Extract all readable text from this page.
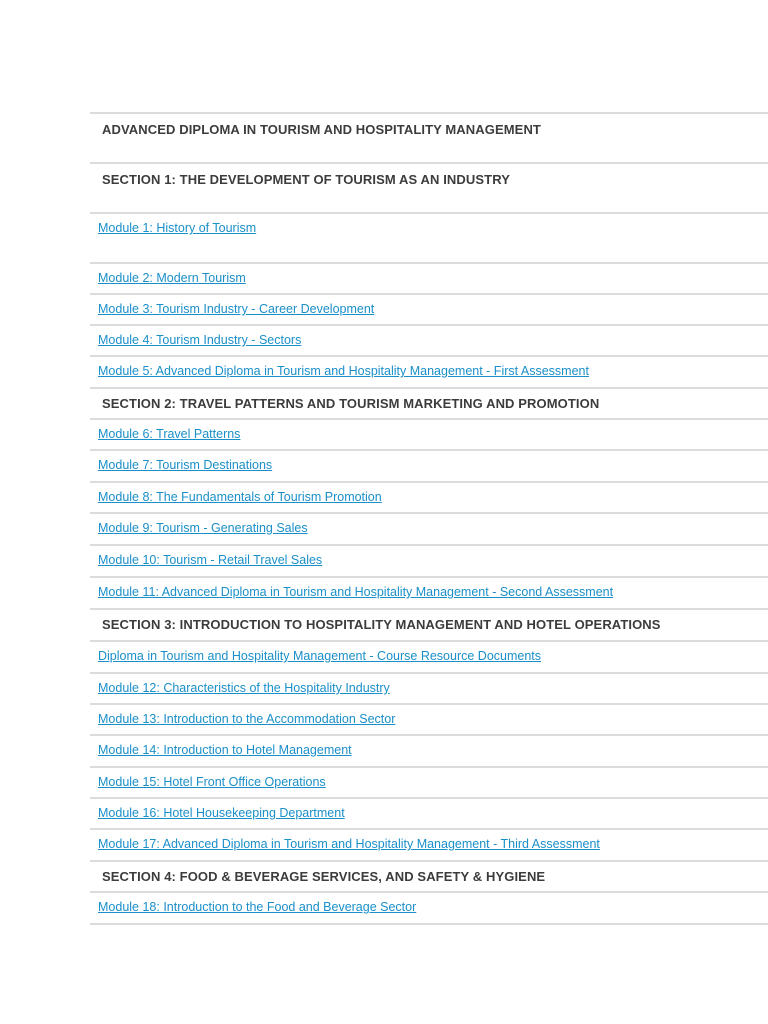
ADVANCED DIPLOMA IN TOURISM AND HOSPITALITY MANAGEMENT
SECTION 1: THE DEVELOPMENT OF TOURISM AS AN INDUSTRY
Module 1: History of Tourism
Module 2: Modern Tourism
Module 3: Tourism Industry - Career Development
Module 4: Tourism Industry - Sectors
Module 5: Advanced Diploma in Tourism and Hospitality Management - First Assessment
SECTION 2: TRAVEL PATTERNS AND TOURISM MARKETING AND PROMOTION
Module 6: Travel Patterns
Module 7: Tourism Destinations
Module 8: The Fundamentals of Tourism Promotion
Module 9: Tourism - Generating Sales
Module 10: Tourism - Retail Travel Sales
Module 11: Advanced Diploma in Tourism and Hospitality Management - Second Assessment
SECTION 3: INTRODUCTION TO HOSPITALITY MANAGEMENT AND HOTEL OPERATIONS
Diploma in Tourism and Hospitality Management - Course Resource Documents
Module 12: Characteristics of the Hospitality Industry
Module 13: Introduction to the Accommodation Sector
Module 14: Introduction to Hotel Management
Module 15: Hotel Front Office Operations
Module 16: Hotel Housekeeping Department
Module 17: Advanced Diploma in Tourism and Hospitality Management - Third Assessment
SECTION 4: FOOD & BEVERAGE SERVICES, AND SAFETY & HYGIENE
Module 18: Introduction to the Food and Beverage Sector
